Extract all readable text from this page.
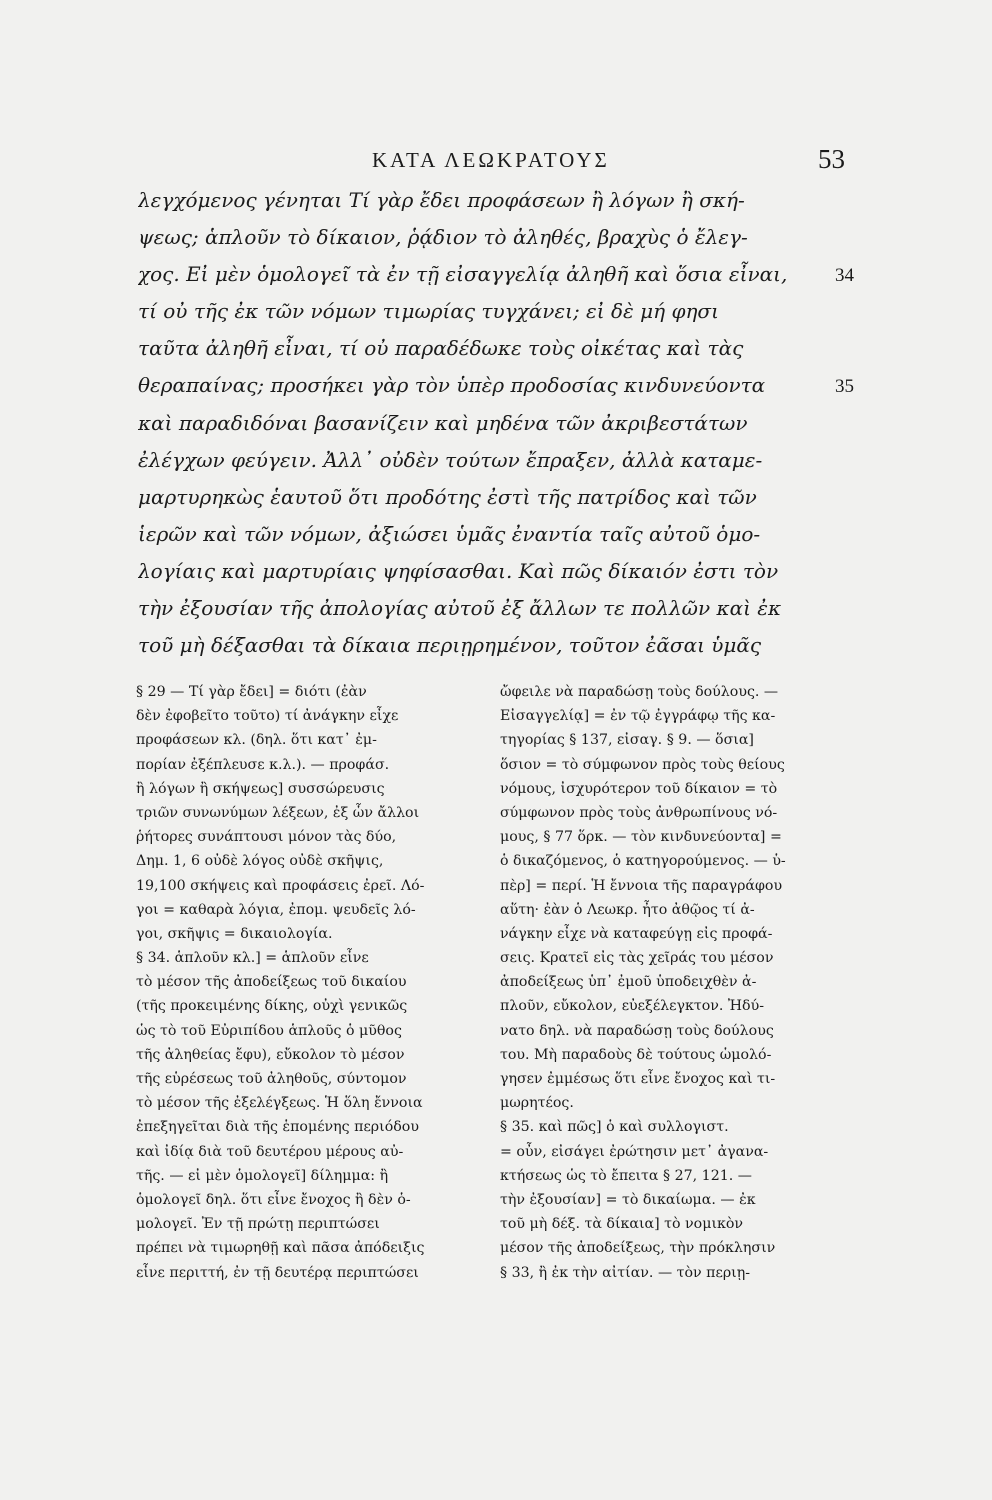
ΚΑΤΑ ΛΕΩΚΡΑΤΟΥΣ	53
λεγχόμενος γένηται Τί γὰρ ἔδει προφάσεων ἢ λόγων ἢ σκή-
ψεως; ἁπλοῦν τὸ δίκαιον, ῥᾴδιον τὸ ἀληθές, βραχὺς ὁ ἔλεγ-
χος. Εἰ μὲν ὁμολογεῖ τὰ ἐν τῇ εἰσαγγελίᾳ ἀληθῆ καὶ ὅσια εἶναι,
τί οὐ τῆς ἐκ τῶν νόμων τιμωρίας τυγχάνει; εἰ δὲ μή φησι
ταῦτα ἀληθῆ εἶναι, τί οὐ παραδέδωκε τοὺς οἰκέτας καὶ τὰς
θεραπαίνας; προσήκει γὰρ τὸν ὑπὲρ προδοσίας κινδυνεύοντα
καὶ παραδιδόναι βασανίζειν καὶ μηδένα τῶν ἀκριβεστάτων
ἐλέγχων φεύγειν. Ἀλλ᾿ οὐδὲν τούτων ἔπραξεν, ἀλλὰ καταμε-
μαρτυρηκὼς ἑαυτοῦ ὅτι προδότης ἐστὶ τῆς πατρίδος καὶ τῶν
ἱερῶν καὶ τῶν νόμων, ἀξιώσει ὑμᾶς ἐναντία ταῖς αὐτοῦ ὁμο-
λογίαις καὶ μαρτυρίαις ψηφίσασθαι. Καὶ πῶς δίκαιόν ἐστι τὸν
τὴν ἐξουσίαν τῆς ἀπολογίας αὐτοῦ ἐξ ἄλλων τε πολλῶν καὶ ἐκ
τοῦ μὴ δέξασθαι τὰ δίκαια περιῃρημένον, τοῦτον ἐᾶσαι ὑμᾶς
34
35
§ 29 — Τί γὰρ ἔδει] = διότι (ἐὰν
δὲν ἐφοβεῖτο τοῦτο) τί ἀνάγκην εἶχε
προφάσεων κλ. (δηλ. ὅτι κατ᾿ ἐμ-
πορίαν ἐξέπλευσε κ.λ.). — προφάσ.
ἢ λόγων ἢ σκήψεως] συσσώρευσις
τριῶν συνωνύμων λέξεων, ἐξ ὧν ἄλλοι
ῥήτορες συνάπτουσι μόνον τὰς δύο,
Δημ. 1, 6 οὐδὲ λόγος οὐδὲ σκῆψις,
19,100 σκήψεις καὶ προφάσεις ἐρεῖ. Λό-
γοι = καθαρὰ λόγια, ἐπομ. ψευδεῖς λό-
γοι, σκῆψις = δικαιολογία.
§ 34. ἁπλοῦν κλ.] = ἁπλοῦν εἶνε
τὸ μέσον τῆς ἀποδείξεως τοῦ δικαίου
(τῆς προκειμένης δίκης, οὐχὶ γενικῶς
ὡς τὸ τοῦ Εὐριπίδου ἁπλοῦς ὁ μῦθος
τῆς ἀληθείας ἔφυ), εὔκολον τὸ μέσον
τῆς εὑρέσεως τοῦ ἀληθοῦς, σύντομον
τὸ μέσον τῆς ἐξελέγξεως. Ἡ ὅλη ἔννοια
ἐπεξηγεῖται διὰ τῆς ἑπομένης περιόδου
καὶ ἰδίᾳ διὰ τοῦ δευτέρου μέρους αὐ-
τῆς. — εἰ μὲν ὁμολογεῖ] δίλημμα: ἢ
ὁμολογεῖ δηλ. ὅτι εἶνε ἔνοχος ἢ δὲν ὁ-
μολογεῖ. Ἐν τῇ πρώτῃ περιπτώσει
πρέπει νὰ τιμωρηθῇ καὶ πᾶσα ἀπόδειξις
εἶνε περιττή, ἐν τῇ δευτέρᾳ περιπτώσει
ὤφειλε νὰ παραδώσῃ τοὺς δούλους. —
Εἰσαγγελίᾳ] = ἐν τῷ ἐγγράφῳ τῆς κα-
τηγορίας § 137, εἰσαγ. § 9. — ὅσια]
ὅσιον = τὸ σύμφωνον πρὸς τοὺς θείους
νόμους, ἰσχυρότερον τοῦ δίκαιον = τὸ
σύμφωνον πρὸς τοὺς ἀνθρωπίνους νό-
μους, § 77 ὅρκ. — τὸν κινδυνεύοντα] =
ὁ δικαζόμενος, ὁ κατηγορούμενος. — ὑ-
πὲρ] = περί. Ἡ ἔννοια τῆς παραγράφου
αὕτη· ἐὰν ὁ Λεωκρ. ἦτο ἀθῷος τί ἀ-
νάγκην εἶχε νὰ καταφεύγῃ εἰς προφά-
σεις. Κρατεῖ εἰς τὰς χεῖράς του μέσον
ἀποδείξεως ὑπ᾿ ἐμοῦ ὑποδειχθὲν ἀ-
πλοῦν, εὔκολον, εὐεξέλεγκτον. Ἠδύ-
νατο δηλ. νὰ παραδώσῃ τοὺς δούλους
του. Μὴ παραδοὺς δὲ τούτους ὡμολό-
γησεν ἐμμέσως ὅτι εἶνε ἔνοχος καὶ τι-
μωρητέος.
§ 35. καὶ πῶς] ὁ καὶ συλλογιστ.
= οὖν, εἰσάγει ἐρώτησιν μετ᾿ ἀγανα-
κτήσεως ὡς τὸ ἔπειτα § 27, 121. —
τὴν ἐξουσίαν] = τὸ δικαίωμα. — ἐκ
τοῦ μὴ δέξ. τὰ δίκαια] τὸ νομικὸν
μέσον τῆς ἀποδείξεως, τὴν πρόκλησιν
§ 33, ἢ ἐκ τὴν αἰτίαν. — τὸν περιῃ-
